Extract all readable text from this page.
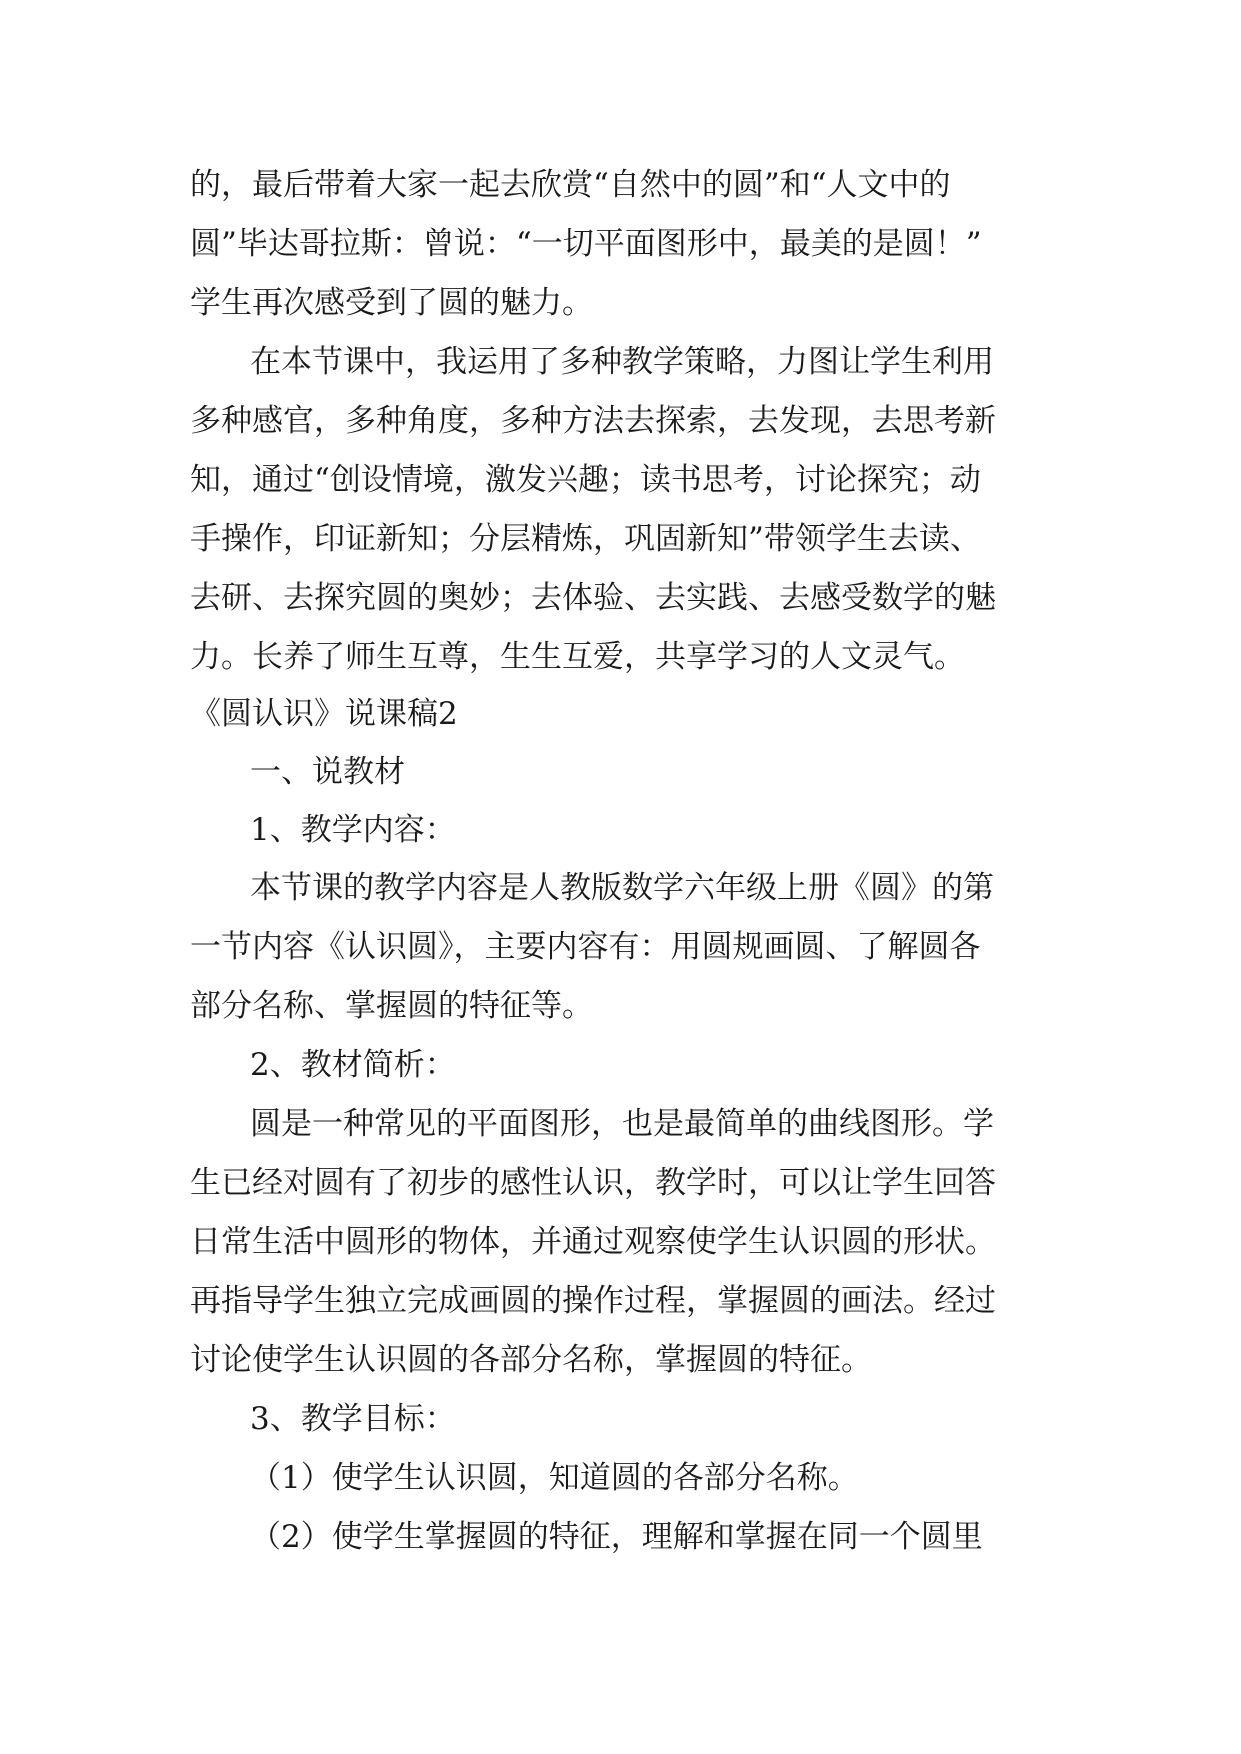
的，最后带着大家一起去欣赏“自然中的圆”和“人文中的
圆”毕达哥拉斯：曾说：“一切平面图形中，最美的是圆！”
学生再次感受到了圆的魅力。
在本节课中，我运用了多种教学策略，力图让学生利用
多种感官，多种角度，多种方法去探索，去发现，去思考新
知，通过“创设情境，激发兴趣；读书思考，讨论探究；动
手操作，印证新知；分层精炼，巩固新知”带领学生去读、
去研、去探究圆的奥妙；去体验、去实践、去感受数学的魅
力。长养了师生互尊，生生互爱，共享学习的人文灵气。
《圆认识》说课稿2
一、说教材
1、教学内容：
本节课的教学内容是人教版数学六年级上册《圆》的第
一节内容《认识圆》，主要内容有：用圆规画圆、了解圆各
部分名称、掌握圆的特征等。
2、教材简析：
圆是一种常见的平面图形，也是最简单的曲线图形。学
生已经对圆有了初步的感性认识，教学时，可以让学生回答
日常生活中圆形的物体，并通过观察使学生认识圆的形状。
再指导学生独立完成画圆的操作过程，掌握圆的画法。经过
讨论使学生认识圆的各部分名称，掌握圆的特征。
3、教学目标：
（1）使学生认识圆，知道圆的各部分名称。
（2）使学生掌握圆的特征，理解和掌握在同一个圆里
